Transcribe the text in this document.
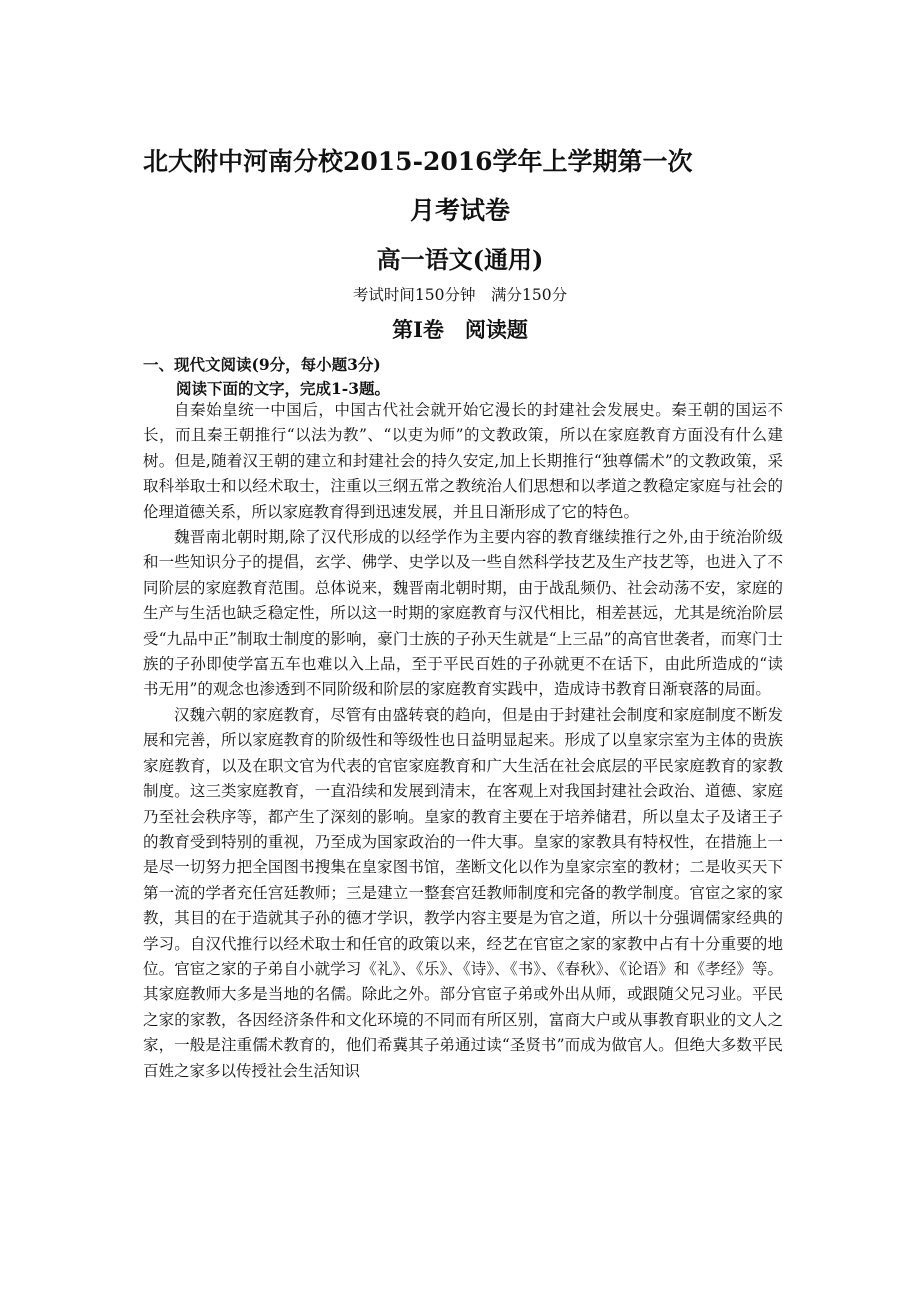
北大附中河南分校2015-2016学年上学期第一次
月考试卷
高一语文(通用)
考试时间150分钟　满分150分
第Ⅰ卷　阅读题
一、现代文阅读(9分，每小题3分)
阅读下面的文字，完成1-3题。

自秦始皇统一中国后，中国古代社会就开始它漫长的封建社会发展史。秦王朝的国运不长，而且秦王朝推行“以法为教”、“以吏为师”的文教政策，所以在家庭教育方面没有什么建树。但是,随着汉王朝的建立和封建社会的持久安定,加上长期推行“独尊儒术”的文教政策，采取科举取士和以经术取士，注重以三纲五常之教统治人们思想和以孝道之教稳定家庭与社会的伦理道德关系，所以家庭教育得到迅速发展，并且日渐形成了它的特色。

魏晋南北朝时期,除了汉代形成的以经学作为主要内容的教育继续推行之外,由于统治阶级和一些知识分子的提倡，玄学、佛学、史学以及一些自然科学技艺及生产技艺等，也进入了不同阶层的家庭教育范围。总体说来，魏晋南北朝时期，由于战乱频仍、社会动荡不安，家庭的生产与生活也缺乏稳定性，所以这一时期的家庭教育与汉代相比，相差甚远，尤其是统治阶层受“九品中正”制取士制度的影响，豪门士族的子孙天生就是“上三品”的高官世袭者，而寒门士族的子孙即使学富五车也难以入上品，至于平民百姓的子孙就更不在话下，由此所造成的“读书无用”的观念也渗透到不同阶级和阶层的家庭教育实践中，造成诗书教育日渐衰落的局面。

汉魏六朝的家庭教育，尽管有由盛转衰的趋向，但是由于封建社会制度和家庭制度不断发展和完善，所以家庭教育的阶级性和等级性也日益明显起来。形成了以皇家宗室为主体的贵族家庭教育，以及在职文官为代表的官宦家庭教育和广大生活在社会底层的平民家庭教育的家教制度。这三类家庭教育，一直沿续和发展到清末，在客观上对我国封建社会政治、道德、家庭乃至社会秩序等，都产生了深刻的影响。皇家的教育主要在于培养储君，所以皇太子及诸王子的教育受到特别的重视，乃至成为国家政治的一件大事。皇家的家教具有特权性，在措施上一是尽一切努力把全国图书搜集在皇家图书馆，垄断文化以作为皇家宗室的教材；二是收买天下第一流的学者充任宫廷教师；三是建立一整套宫廷教师制度和完备的教学制度。官宦之家的家教，其目的在于造就其子孙的德才学识，教学内容主要是为官之道，所以十分强调儒家经典的学习。自汉代推行以经术取士和任官的政策以来，经艺在官宦之家的家教中占有十分重要的地位。官宦之家的子弟自小就学习《礼》、《乐》、《诗》、《书》、《春秋》、《论语》和《孝经》等。其家庭教师大多是当地的名儒。除此之外。部分官宦子弟或外出从师，或跟随父兄习业。平民之家的家教，各因经济条件和文化环境的不同而有所区别，富商大户或从事教育职业的文人之家，一般是注重儒术教育的，他们希冀其子弟通过读“圣贤书”而成为做官人。但绝大多数平民百姓之家多以传授社会生活知识
